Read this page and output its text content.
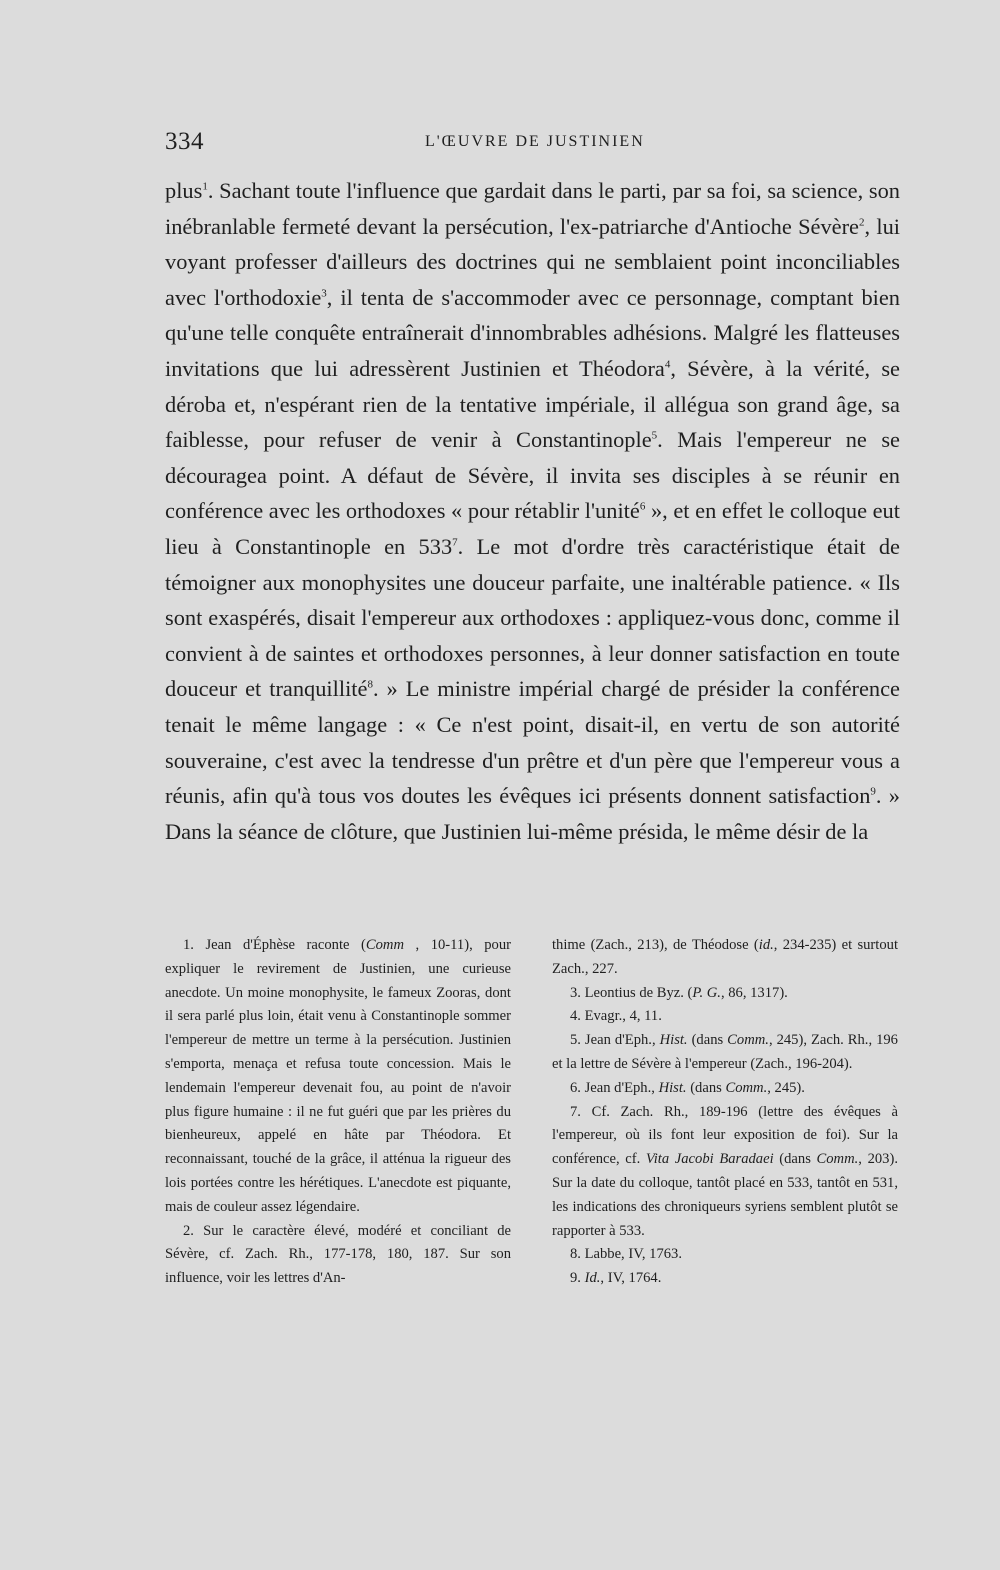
334	L'ŒUVRE DE JUSTINIEN

plus$^1$. Sachant toute l'influence que gardait dans le parti, par sa foi, sa science, son inébranlable fermeté devant la persécution, l'ex-patriarche d'Antioche Sévère$^2$, lui voyant professer d'ailleurs des doctrines qui ne semblaient point inconciliables avec l'orthodoxie$^3$, il tenta de s'accommoder avec ce personnage, comptant bien qu'une telle conquête entraînerait d'innombrables adhésions. Malgré les flatteuses invitations que lui adressèrent Justinien et Théodora$^4$, Sévère, à la vérité, se déroba et, n'espérant rien de la tentative impériale, il allégua son grand âge, sa faiblesse, pour refuser de venir à Constantinople$^5$. Mais l'empereur ne se découragea point. A défaut de Sévère, il invita ses disciples à se réunir en conférence avec les orthodoxes « pour rétablir l'unité$^6$ », et en effet le colloque eut lieu à Constantinople en $533^7$. Le mot d'ordre très caractéristique était de témoigner aux monophysites une douceur parfaite, une inaltérable patience. « Ils sont exaspérés, disait l'empereur aux orthodoxes : appliquez-vous donc, comme il convient à de saintes et orthodoxes personnes, à leur donner satisfaction en toute douceur et tranquillité$^8$. » Le ministre impérial chargé de présider la conférence tenait le même langage : « Ce n'est point, disait-il, en vertu de son autorité souveraine, c'est avec la tendresse d'un prêtre et d'un père que l'empereur vous a réunis, afin qu'à tous vos doutes les évêques ici présents donnent satisfaction$^9$. » Dans la séance de clôture, que Justinien lui-même présida, le même désir de la

1. Jean d'Éphèse raconte (Comm , 10-11), pour expliquer le revirement de Justinien, une curieuse anecdote. Un moine monophysite, le fameux Zooras, dont il sera parlé plus loin, était venu à Constantinople sommer l'empereur de mettre un terme à la persécution. Justinien s'emporta, menaça et refusa toute concession. Mais le lendemain l'empereur devenait fou, au point de n'avoir plus figure humaine : il ne fut guéri que par les prières du bienheureux, appelé en hâte par Théodora. Et reconnaissant, touché de la grâce, il atténua la rigueur des lois portées contre les hérétiques. L'anecdote est piquante, mais de couleur assez légendaire.

2. Sur le caractère élevé, modéré et conciliant de Sévère, cf. Zach. Rh., 177-178, 180, 187. Sur son influence, voir les lettres d'An-

thime (Zach., 213), de Théodose (id., 234-235) et surtout Zach., 227.

3. Leontius de Byz. (P. G., 86, 1317).

4. Evagr., 4, 11.

5. Jean d'Eph., Hist. (dans Comm., 245), Zach. Rh., 196 et la lettre de Sévère à l'empereur (Zach., 196-204).

6. Jean d'Eph., Hist. (dans Comm., 245).

7. Cf. Zach. Rh., 189-196 (lettre des évêques à l'empereur, où ils font leur exposition de foi). Sur la conférence, cf. Vita Jacobi Baradaei (dans Comm., 203). Sur la date du colloque, tantôt placé en 533, tantôt en 531, les indications des chroniqueurs syriens semblent plutôt se rapporter à 533.

8. Labbe, IV, 1763.

9. Id., IV, 1764.
